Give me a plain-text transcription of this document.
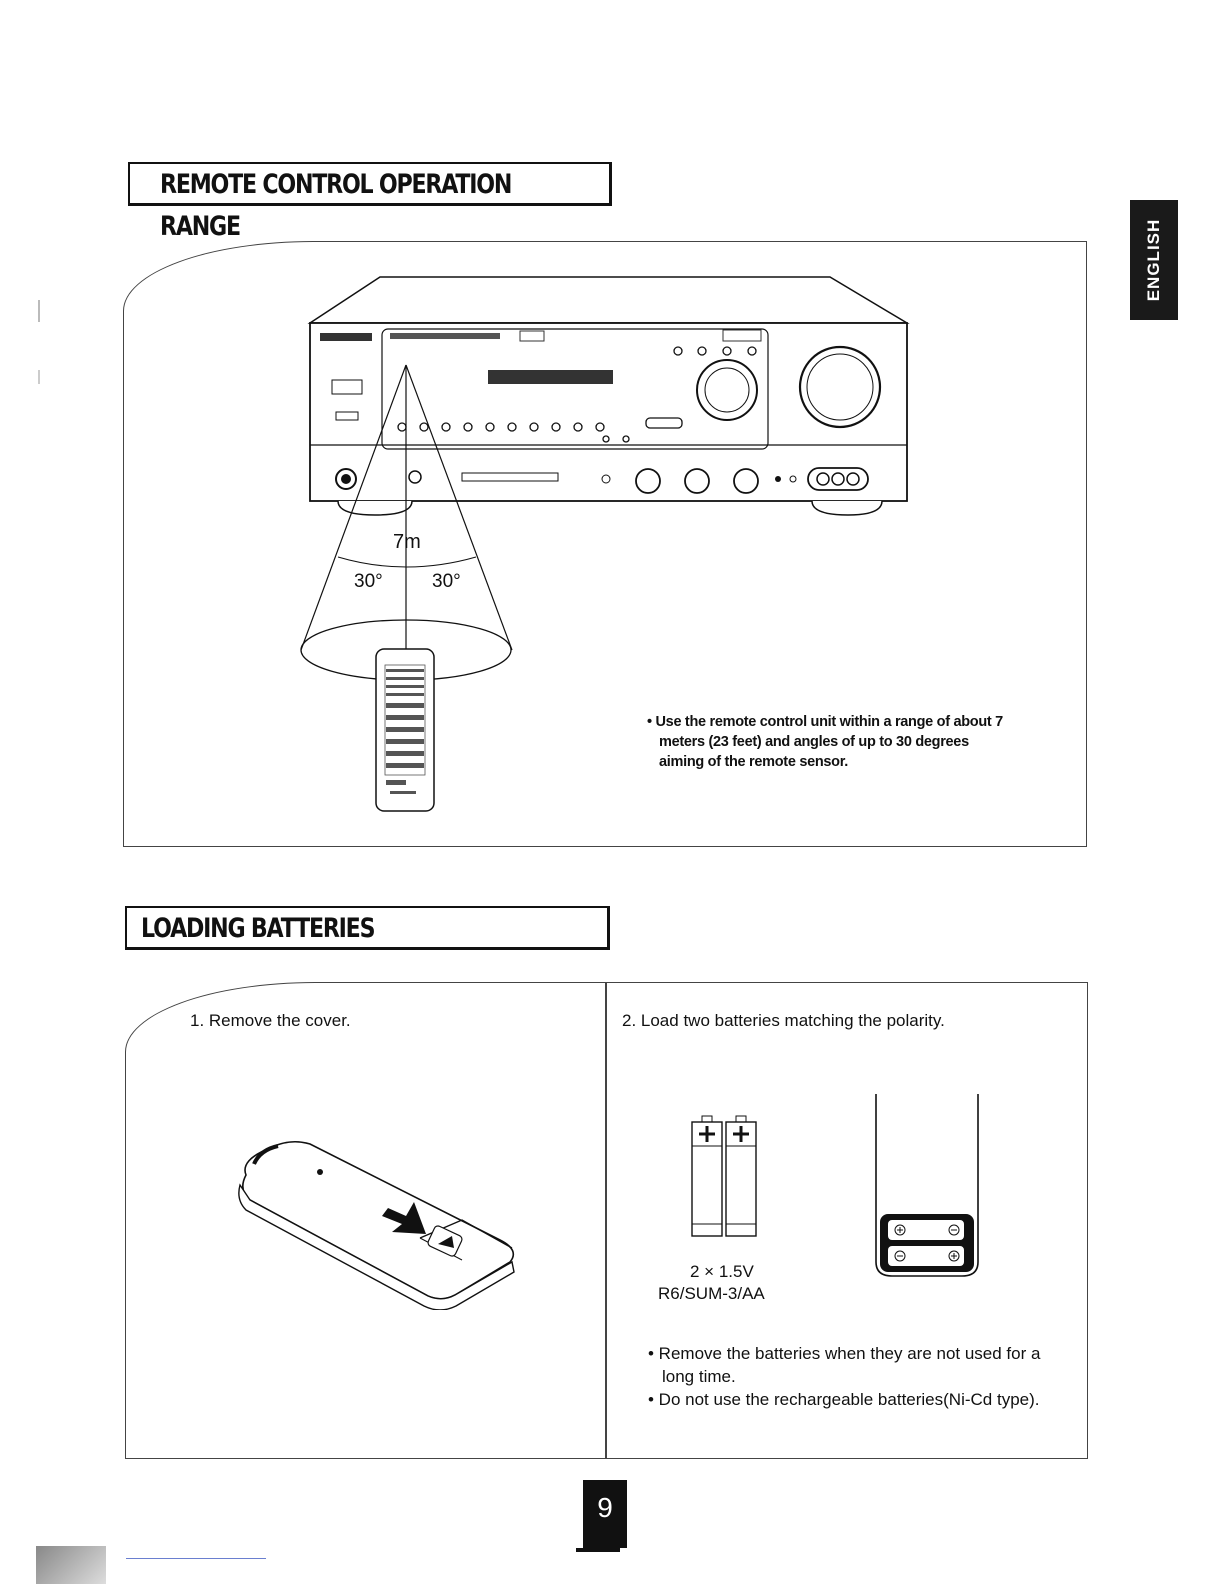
ENGLISH
REMOTE CONTROL OPERATION RANGE
7m
30°	30°
• Use the remote control unit within a range of about 7
meters (23 feet) and angles of up to 30 degrees
aiming of the remote sensor.
LOADING BATTERIES
1. Remove the cover.	2. Load two batteries matching the polarity.
2 × 1.5V
R6/SUM-3/AA
• Remove the batteries when they are not used for a long time.
• Do not use the rechargeable batteries(Ni-Cd type).
9
